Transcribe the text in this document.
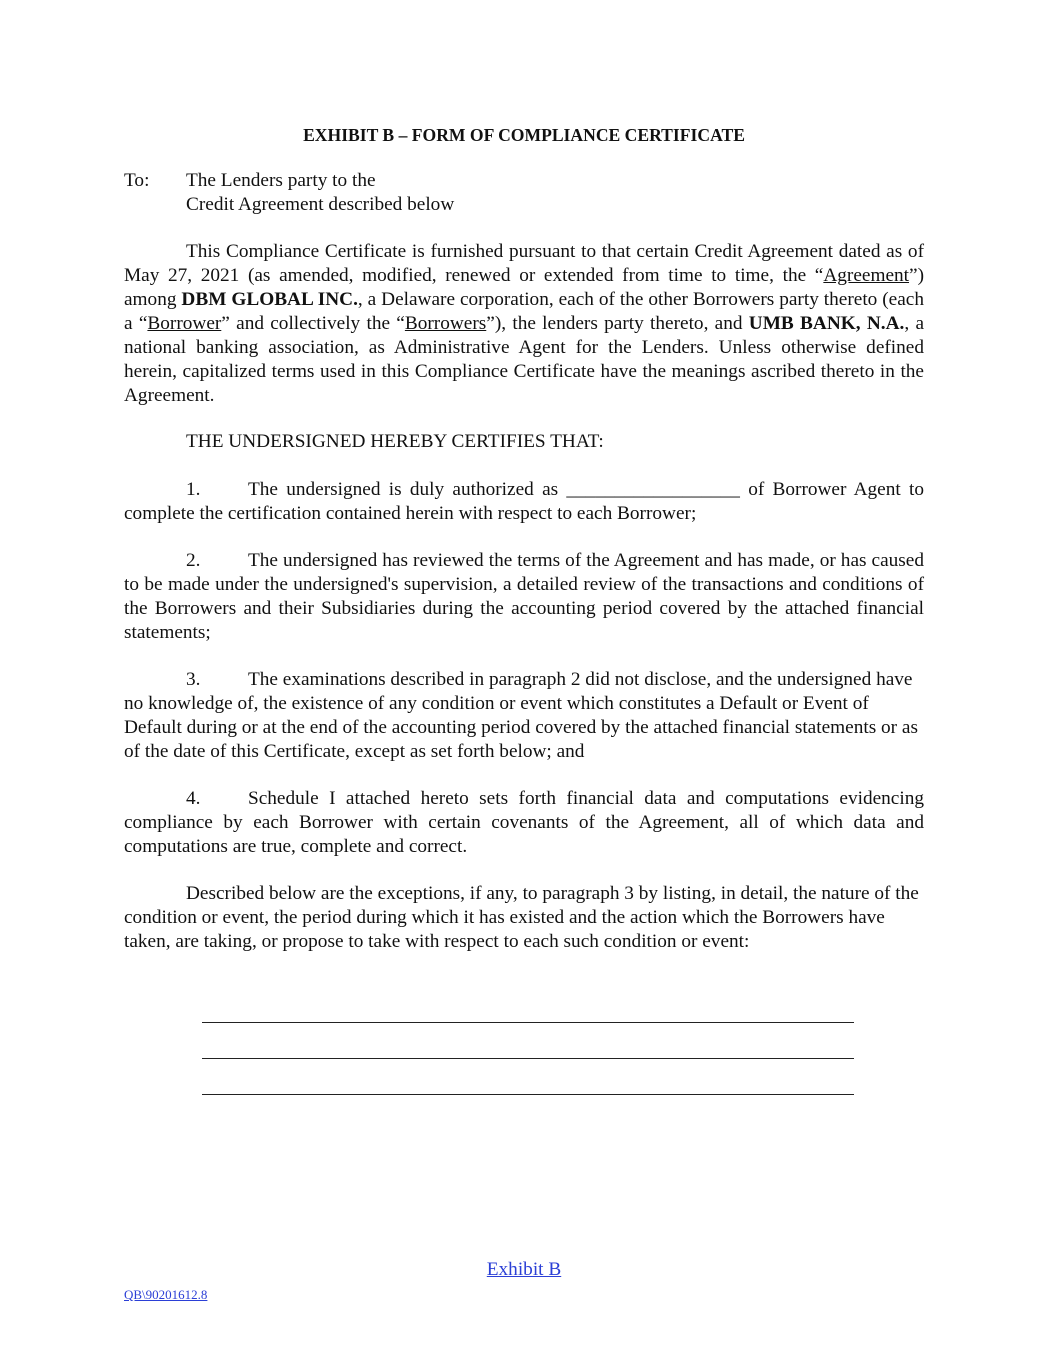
EXHIBIT B – FORM OF COMPLIANCE CERTIFICATE
To: The Lenders party to the
Credit Agreement described below

This Compliance Certificate is furnished pursuant to that certain Credit Agreement dated as of May 27, 2021 (as amended, modified, renewed or extended from time to time, the “Agreement”) among DBM GLOBAL INC., a Delaware corporation, each of the other Borrowers party thereto (each a “Borrower” and collectively the “Borrowers”), the lenders party thereto, and UMB BANK, N.A., a national banking association, as Administrative Agent for the Lenders. Unless otherwise defined herein, capitalized terms used in this Compliance Certificate have the meanings ascribed thereto in the Agreement.

THE UNDERSIGNED HEREBY CERTIFIES THAT:

1. The undersigned is duly authorized as __________________ of Borrower Agent to complete the certification contained herein with respect to each Borrower;

2. The undersigned has reviewed the terms of the Agreement and has made, or has caused to be made under the undersigned's supervision, a detailed review of the transactions and conditions of the Borrowers and their Subsidiaries during the accounting period covered by the attached financial statements;

3. The examinations described in paragraph 2 did not disclose, and the undersigned have no knowledge of, the existence of any condition or event which constitutes a Default or Event of Default during or at the end of the accounting period covered by the attached financial statements or as of the date of this Certificate, except as set forth below; and

4. Schedule I attached hereto sets forth financial data and computations evidencing compliance by each Borrower with certain covenants of the Agreement, all of which data and computations are true, complete and correct.

Described below are the exceptions, if any, to paragraph 3 by listing, in detail, the nature of the condition or event, the period during which it has existed and the action which the Borrowers have taken, are taking, or propose to take with respect to each such condition or event:

Exhibit B
QB\90201612.8
